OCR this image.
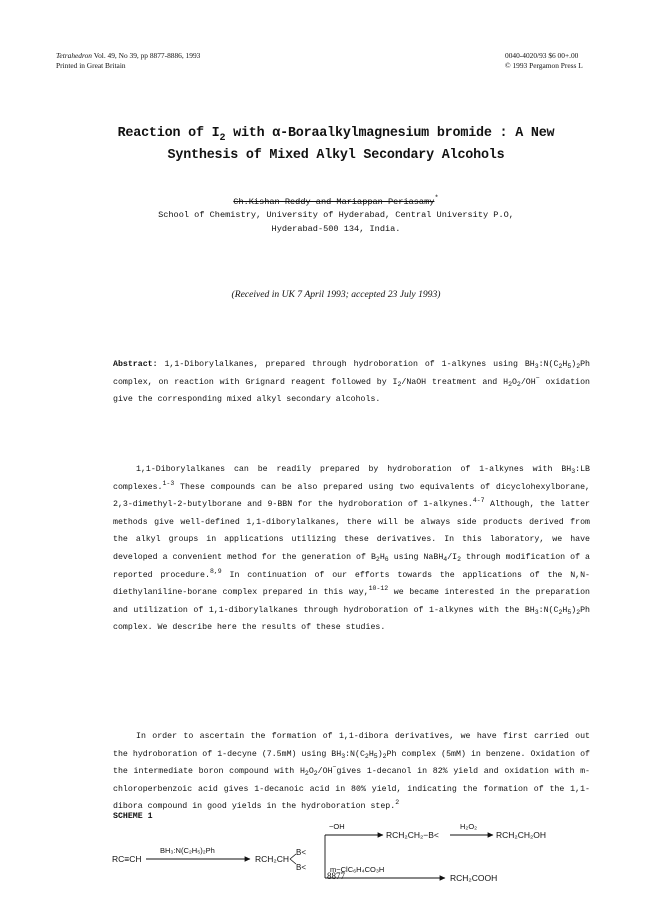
Tetrahedron Vol. 49, No 39, pp 8877-8886, 1993
Printed in Great Britain
0040-4020/93 $6 00+.00
© 1993 Pergamon Press L
Reaction of $I_2$ with α-Boraalkylmagnesium bromide : A New
Synthesis of Mixed Alkyl Secondary Alcohols
Ch.Kishan Reddy and Mariappan Periasamy*
School of Chemistry, University of Hyderabad, Central University P.O,
Hyderabad-500 134, India.
(Received in UK 7 April 1993; accepted 23 July 1993)
Abstract: 1,1-Diborylalkanes, prepared through hydroboration of 1-alkynes using $BH_3:N(C_2H_5)_2Ph$ complex, on reaction with Grignard reagent followed by $I_2$/NaOH treatment and $H_2O_2/OH^-$ oxidation give the corresponding mixed alkyl secondary alcohols.
1,1-Diborylalkanes can be readily prepared by hydroboration of 1-alkynes with $BH_3:LB$ complexes.$^{1-3}$ These compounds can be also prepared using two equivalents of dicyclohexylborane, 2,3-dimethyl-2-butylborane and 9-BBN for the hydroboration of 1-alkynes.$^{4-7}$ Although, the latter methods give well-defined 1,1-diborylalkanes, there will be always side products derived from the alkyl groups in applications utilizing these derivatives. In this laboratory, we have developed a convenient method for the generation of $B_2H_6$ using $NaBH_4/I_2$ through modification of a reported procedure.$^{8,9}$ In continuation of our efforts towards the applications of the N,N-diethylaniline-borane complex prepared in this way,$^{10-12}$ we became interested in the preparation and utilization of 1,1-diborylalkanes through hydroboration of 1-alkynes with the $BH_3:N(C_2H_5)_2Ph$ complex. We describe here the results of these studies.
In order to ascertain the formation of 1,1-dibora derivatives, we have first carried out the hydroboration of 1-decyne (7.5mM) using $BH_3:N(C_2H_5)_2Ph$ complex (5mM) in benzene. Oxidation of the intermediate boron compound with $H_2O_2/OH^-gives$ 1-decanol in 82% yield and oxidation with m-chloroperbenzoic acid gives 1-decanoic acid in 80% yield, indicating the formation of the 1,1-dibora compound in good yields in the hydroboration step.$^2$
SCHEME 1
RC≡CH
BH₃:N(C₂H₅)₂Ph
RCH₂CH
B<
B<
−OH
RCH₂CH₂−B<
H₂O₂
RCH₂CH₂OH
m−ClC₆H₄CO₃H
RCH₂COOH
8877
